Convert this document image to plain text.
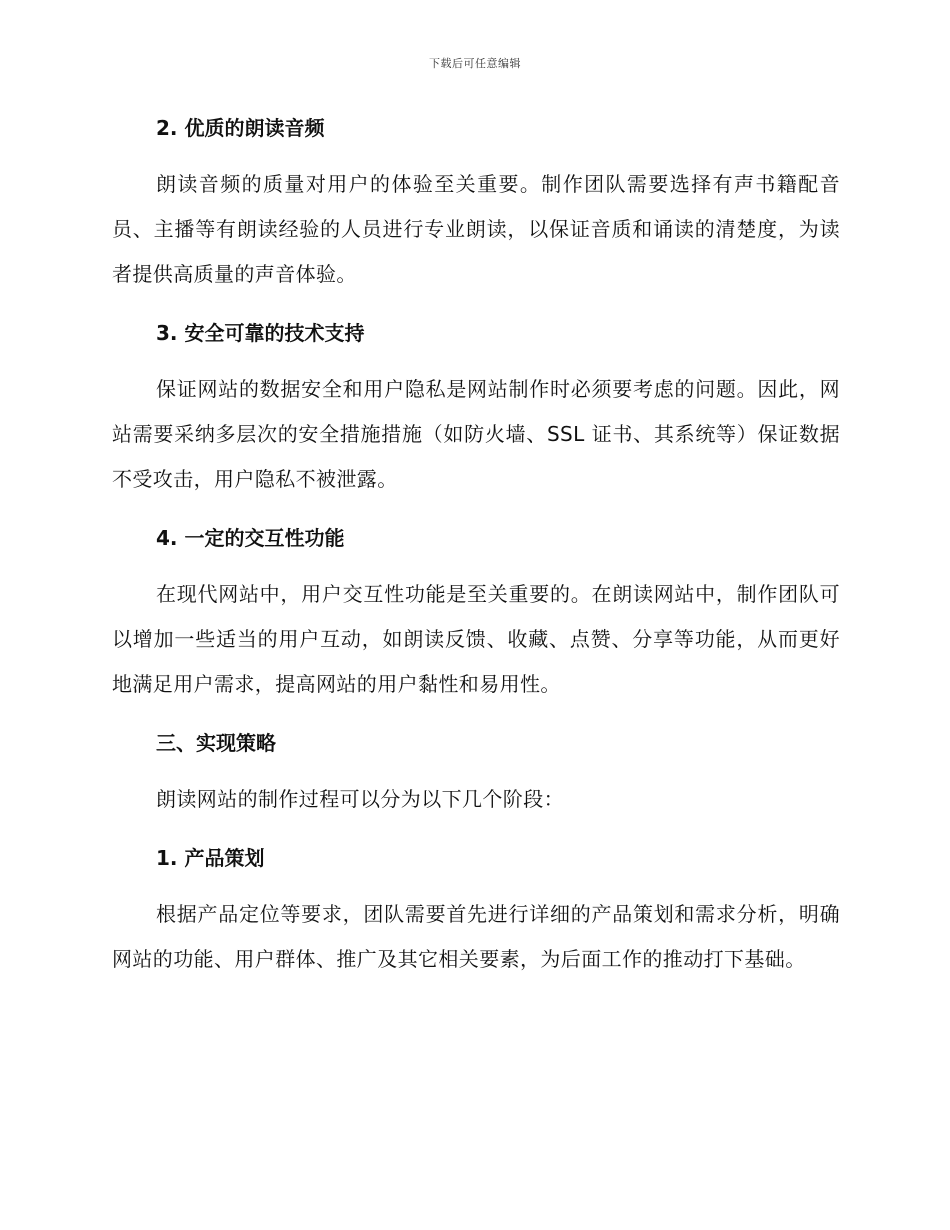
下载后可任意编辑
2. 优质的朗读音频

朗读音频的质量对用户的体验至关重要。制作团队需要选择有声书籍配音员、主播等有朗读经验的人员进行专业朗读，以保证音质和诵读的清楚度，为读者提供高质量的声音体验。

3. 安全可靠的技术支持

保证网站的数据安全和用户隐私是网站制作时必须要考虑的问题。因此，网站需要采纳多层次的安全措施措施（如防火墙、SSL 证书、其系统等）保证数据不受攻击，用户隐私不被泄露。

4. 一定的交互性功能

在现代网站中，用户交互性功能是至关重要的。在朗读网站中，制作团队可以增加一些适当的用户互动，如朗读反馈、收藏、点赞、分享等功能，从而更好地满足用户需求，提高网站的用户黏性和易用性。

三、实现策略

朗读网站的制作过程可以分为以下几个阶段：

1. 产品策划

根据产品定位等要求，团队需要首先进行详细的产品策划和需求分析，明确网站的功能、用户群体、推广及其它相关要素，为后面工作的推动打下基础。
